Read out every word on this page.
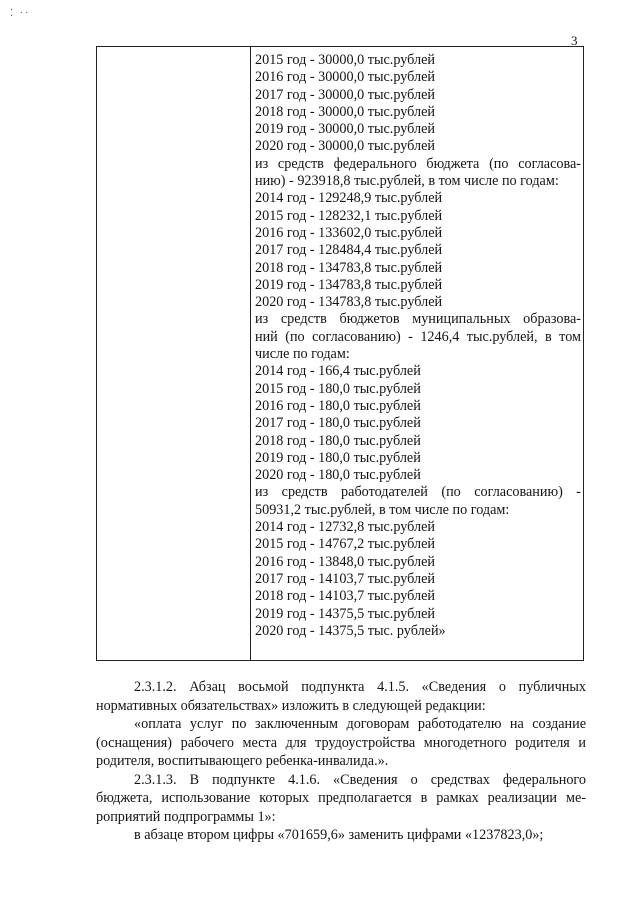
⁚ ··
3
2015 год - 30000,0 тыс.рублей
2016 год - 30000,0 тыс.рублей
2017 год - 30000,0 тыс.рублей
2018 год - 30000,0 тыс.рублей
2019 год - 30000,0 тыс.рублей
2020 год - 30000,0 тыс.рублей
из средств федерального бюджета (по согласова-
нию) - 923918,8 тыс.рублей, в том числе по годам:
2014 год - 129248,9 тыс.рублей
2015 год - 128232,1 тыс.рублей
2016 год - 133602,0 тыс.рублей
2017 год - 128484,4 тыс.рублей
2018 год - 134783,8 тыс.рублей
2019 год - 134783,8 тыс.рублей
2020 год - 134783,8 тыс.рублей
из средств бюджетов муниципальных образова-
ний (по согласованию) - 1246,4 тыс.рублей, в том
числе по годам:
2014 год - 166,4 тыс.рублей
2015 год - 180,0 тыс.рублей
2016 год - 180,0 тыс.рублей
2017 год - 180,0 тыс.рублей
2018 год - 180,0 тыс.рублей
2019 год - 180,0 тыс.рублей
2020 год - 180,0 тыс.рублей
из средств работодателей (по согласованию) -
50931,2 тыс.рублей, в том числе по годам:
2014 год - 12732,8 тыс.рублей
2015 год - 14767,2 тыс.рублей
2016 год - 13848,0 тыс.рублей
2017 год - 14103,7 тыс.рублей
2018 год - 14103,7 тыс.рублей
2019 год - 14375,5 тыс.рублей
2020 год - 14375,5 тыс. рублей»
2.3.1.2. Абзац восьмой подпункта 4.1.5. «Сведения о публичных
нормативных обязательствах» изложить в следующей редакции:
«оплата услуг по заключенным договорам работодателю на создание
(оснащения) рабочего места для трудоустройства многодетного родителя и
родителя, воспитывающего ребенка-инвалида.».
2.3.1.3. В подпункте 4.1.6. «Сведения о средствах федерального
бюджета, использование которых предполагается в рамках реализации ме-
роприятий подпрограммы 1»:
в абзаце втором цифры «701659,6» заменить цифрами «1237823,0»;
